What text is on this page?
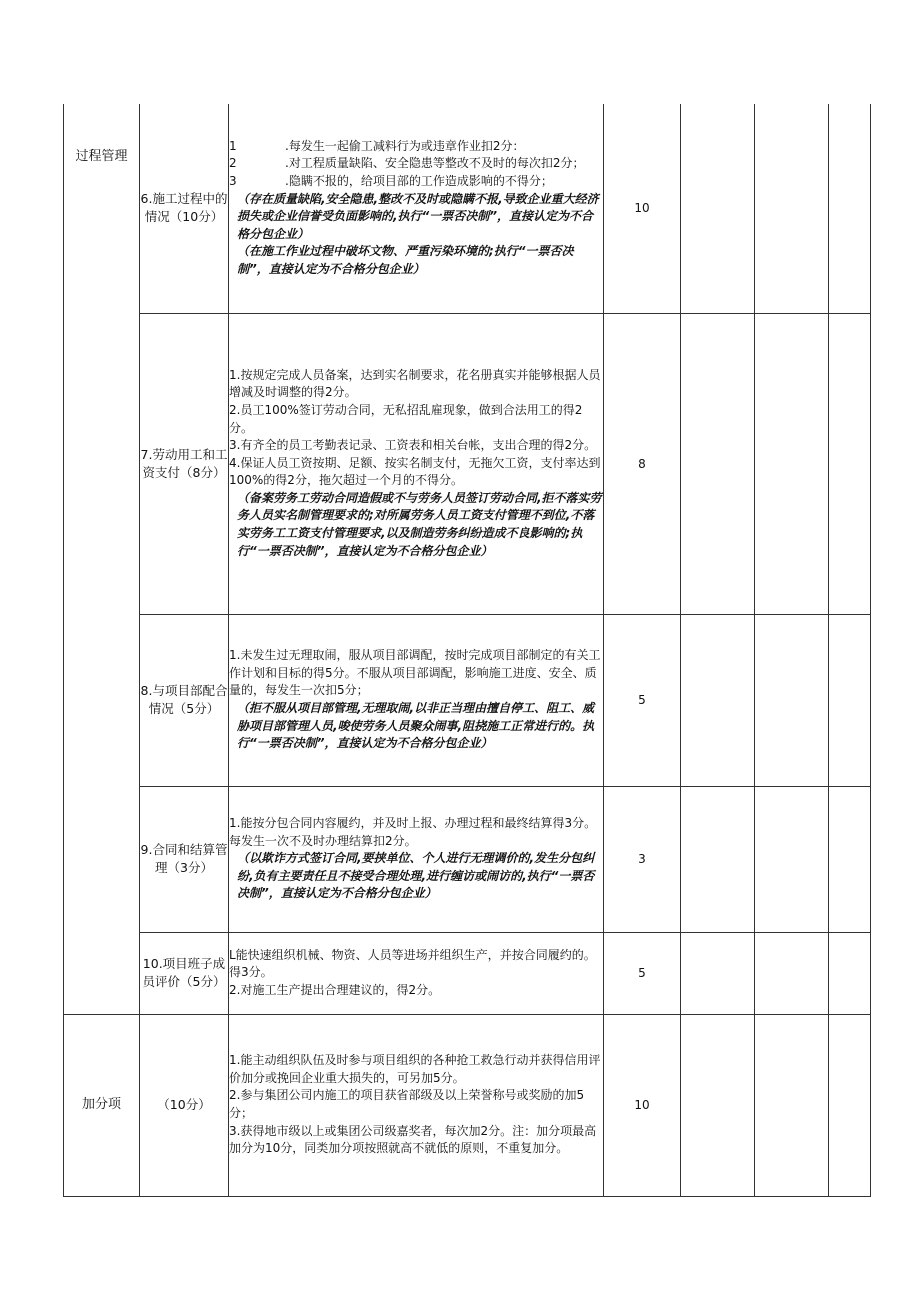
过程管理	6.施工过程中的情况（10分）	1 .每发生一起偷工减料行为或违章作业扣2分：

2 .对工程质量缺陷、安全隐患等整改不及时的每次扣2分；

3 .隐瞒不报的，给项目部的工作造成影响的不得分；

（存在质量缺陷,安全隐患,整改不及时或隐瞒不报,导致企业重大经济损失或企业信誉受负面影响的,执行“一票否决制”，直接认定为不合格分包企业）

（在施工作业过程中破坏文物、严重污染环境的;执行“一票否决制”，直接认定为不合格分包企业）	10			
	7.劳动用工和工资支付（8分）	1.按规定完成人员备案，达到实名制要求，花名册真实并能够根据人员增减及时调整的得2分。

2.员工100%签订劳动合同，无私招乱雇现象，做到合法用工的得2分。

3.有齐全的员工考勤表记录、工资表和相关台帐，支出合理的得2分。

4.保证人员工资按期、足额、按实名制支付，无拖欠工资，支付率达到100%的得2分，拖欠超过一个月的不得分。

（备案劳务工劳动合同造假或不与劳务人员签订劳动合同,拒不落实劳务人员实名制管理要求的;对所属劳务人员工资支付管理不到位,不落实劳务工工资支付管理要求,以及制造劳务纠纷造成不良影响的;执行“一票否决制”，直接认定为不合格分包企业）	8			
	8.与项目部配合情况（5分）	1.未发生过无理取闹，服从项目部调配，按时完成项目部制定的有关工作计划和目标的得5分。不服从项目部调配，影响施工进度、安全、质量的，每发生一次扣5分；

（拒不服从项目部管理,无理取闹,以非正当理由擅自停工、阻工、威胁项目部管理人员,唆使劳务人员聚众闹事,阻挠施工正常进行的。执行“一票否决制”，直接认定为不合格分包企业）	5			
	9.合同和结算管理（3分）	1.能按分包合同内容履约，并及时上报、办理过程和最终结算得3分。每发生一次不及时办理结算扣2分。

（以欺诈方式签订合同,要挟单位、个人进行无理调价的,发生分包纠纷,负有主要责任且不接受合理处理,进行缠访或闹访的,执行“一票否决制”，直接认定为不合格分包企业）	3			
	10.项目班子成员评价（5分）	L能快速组织机械、物资、人员等进场并组织生产，并按合同履约的。得3分。

2.对施工生产提出合理建议的，得2分。	5			

加分项	（10分）	1.能主动组织队伍及时参与项目组织的各种抢工救急行动并获得信用评价加分或挽回企业重大损失的，可另加5分。

2.参与集团公司内施工的项目获省部级及以上荣誉称号或奖励的加5分；

3.获得地市级以上或集团公司级嘉奖者，每次加2分。注：加分项最高加分为10分，同类加分项按照就高不就低的原则，不重复加分。	10			
